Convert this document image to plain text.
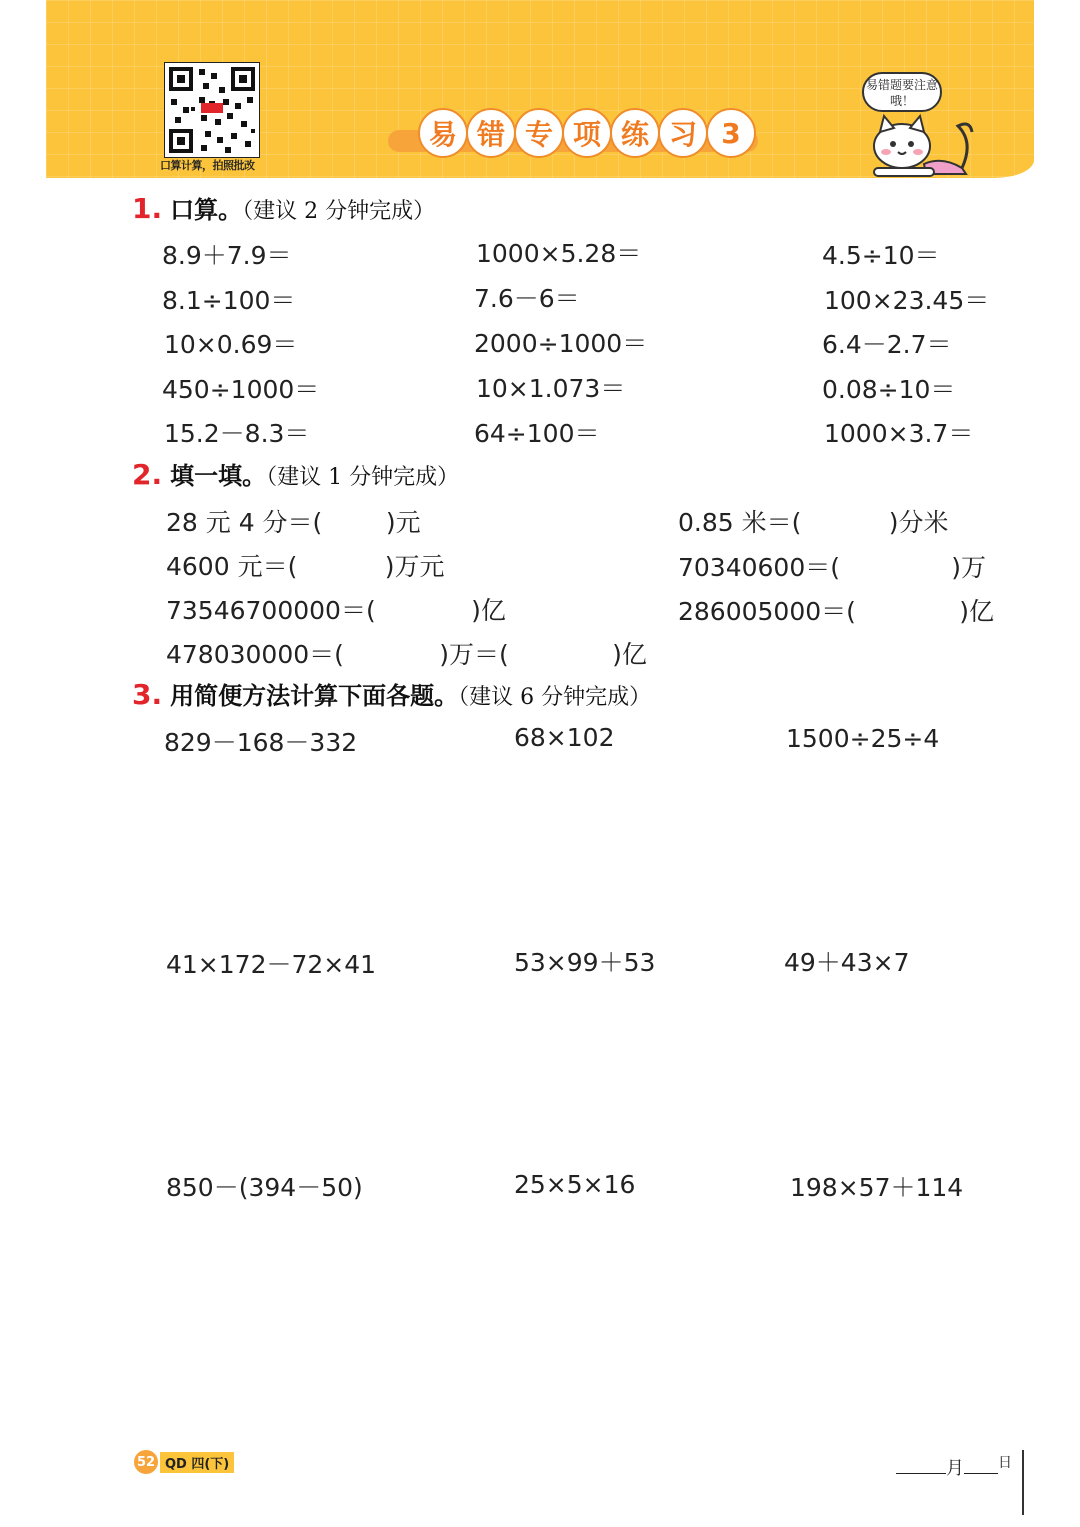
口算计算，拍照批改
易 错 专 项 练 习 3
易错题要注意哦！
1. 口算。（建议 2 分钟完成）
8.9＋7.9＝	1000×5.28＝	4.5÷10＝
8.1÷100＝	7.6－6＝	100×23.45＝
10×0.69＝	2000÷1000＝	6.4－2.7＝
450÷1000＝	10×1.073＝	0.08÷10＝
15.2－8.3＝	64÷100＝	1000×3.7＝
2. 填一填。（建议 1 分钟完成）
28 元 4 分＝(        )元	0.85 米＝(           )分米
4600 元＝(           )万元	70340600＝(              )万
73546700000＝(            )亿	286005000＝(             )亿
478030000＝(            )万＝(             )亿
3. 用简便方法计算下面各题。（建议 6 分钟完成）
829－168－332	68×102	1500÷25÷4
41×172－72×41	53×99＋53	49＋43×7
850－(394－50)	25×5×16	198×57＋114
52 QD 四(下)	月 $^日$
